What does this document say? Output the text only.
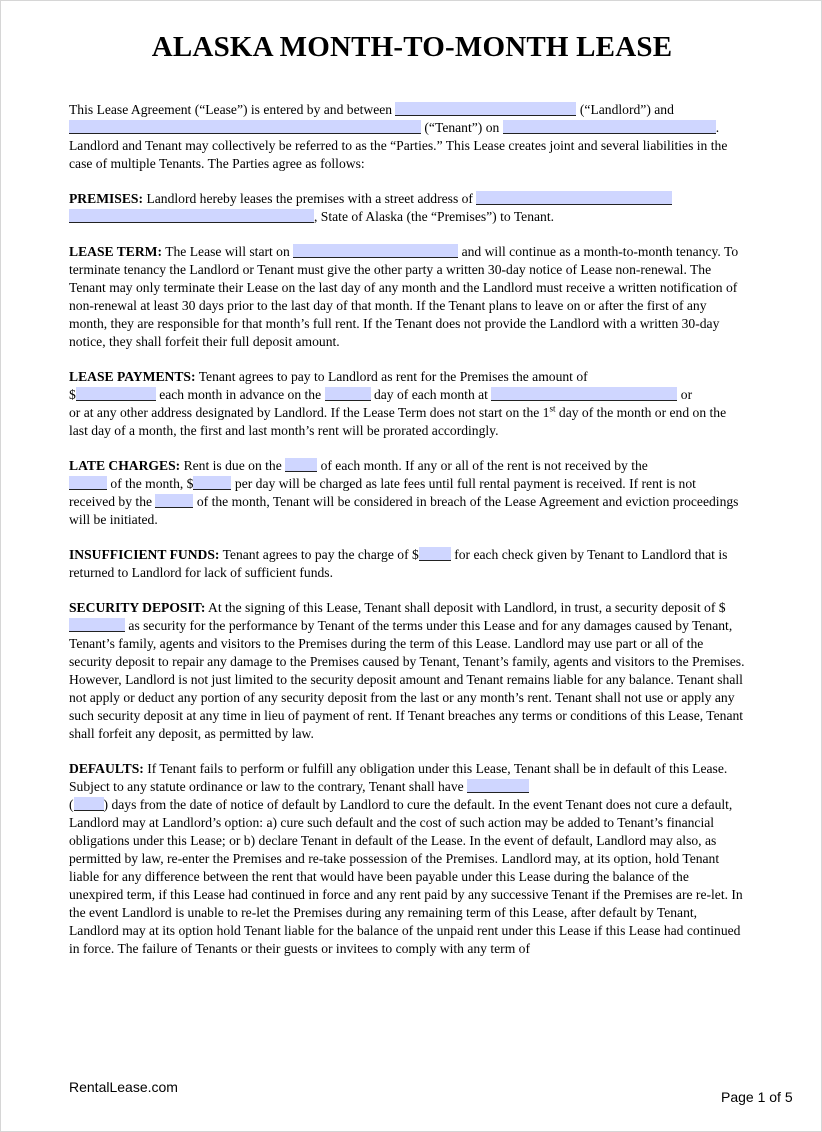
ALASKA MONTH-TO-MONTH LEASE

This Lease Agreement (“Lease”) is entered by and between	(“Landlord”) and
(“Tenant”) on	.

Landlord and Tenant may collectively be referred to as the “Parties.” This Lease creates joint and several liabilities in the case of multiple Tenants. The Parties agree as follows:

PREMISES: Landlord hereby leases the premises with a street address of
, State of Alaska (the “Premises”) to Tenant.

LEASE TERM: The Lease will start on	and will continue as a month-to-month tenancy. To terminate tenancy the Landlord or Tenant must give the other party a written 30-day notice of Lease non-renewal. The Tenant may only terminate their Lease on the last day of any month and the Landlord must receive a written notification of non-renewal at least 30 days prior to the last day of that month. If the Tenant plans to leave on or after the first of any month, they are responsible for that month’s full rent. If the Tenant does not provide the Landlord with a written 30-day notice, they shall forfeit their full deposit amount.

LEASE PAYMENTS: Tenant agrees to pay to Landlord as rent for the Premises the amount of
$	each month in advance on the	day of each month at	or
or at any other address designated by Landlord. If the Lease Term does not start on the 1st day of the month or end on the last day of a month, the first and last month’s rent will be prorated accordingly.

LATE CHARGES: Rent is due on the	of each month. If any or all of the rent is not received by the
of the month, $	per day will be charged as late fees until full rental payment is received. If rent is not received by the	of the month, Tenant will be considered in breach of the Lease Agreement and eviction proceedings will be initiated.

INSUFFICIENT FUNDS: Tenant agrees to pay the charge of $	for each check given by Tenant to Landlord that is returned to Landlord for lack of sufficient funds.

SECURITY DEPOSIT: At the signing of this Lease, Tenant shall deposit with Landlord, in trust, a security deposit of $ as security for the performance by Tenant of the terms under this Lease and for any damages caused by Tenant, Tenant’s family, agents and visitors to the Premises during the term of this Lease. Landlord may use part or all of the security deposit to repair any damage to the Premises caused by Tenant, Tenant’s family, agents and visitors to the Premises. However, Landlord is not just limited to the security deposit amount and Tenant remains liable for any balance. Tenant shall not apply or deduct any portion of any security deposit from the last or any month’s rent. Tenant shall not use or apply any such security deposit at any time in lieu of payment of rent. If Tenant breaches any terms or conditions of this Lease, Tenant shall forfeit any deposit, as permitted by law.

DEFAULTS: If Tenant fails to perform or fulfill any obligation under this Lease, Tenant shall be in default of this Lease. Subject to any statute ordinance or law to the contrary, Tenant shall have
( ) days from the date of notice of default by Landlord to cure the default. In the event Tenant does not cure a default, Landlord may at Landlord’s option: a) cure such default and the cost of such action may be added to Tenant’s financial obligations under this Lease; or b) declare Tenant in default of the Lease. In the event of default, Landlord may also, as permitted by law, re-enter the Premises and re-take possession of the Premises. Landlord may, at its option, hold Tenant liable for any difference between the rent that would have been payable under this Lease during the balance of the unexpired term, if this Lease had continued in force and any rent paid by any successive Tenant if the Premises are re-let. In the event Landlord is unable to re-let the Premises during any remaining term of this Lease, after default by Tenant, Landlord may at its option hold Tenant liable for the balance of the unpaid rent under this Lease if this Lease had continued in force. The failure of Tenants or their guests or invitees to comply with any term of

RentalLease.com
Page 1 of 5
